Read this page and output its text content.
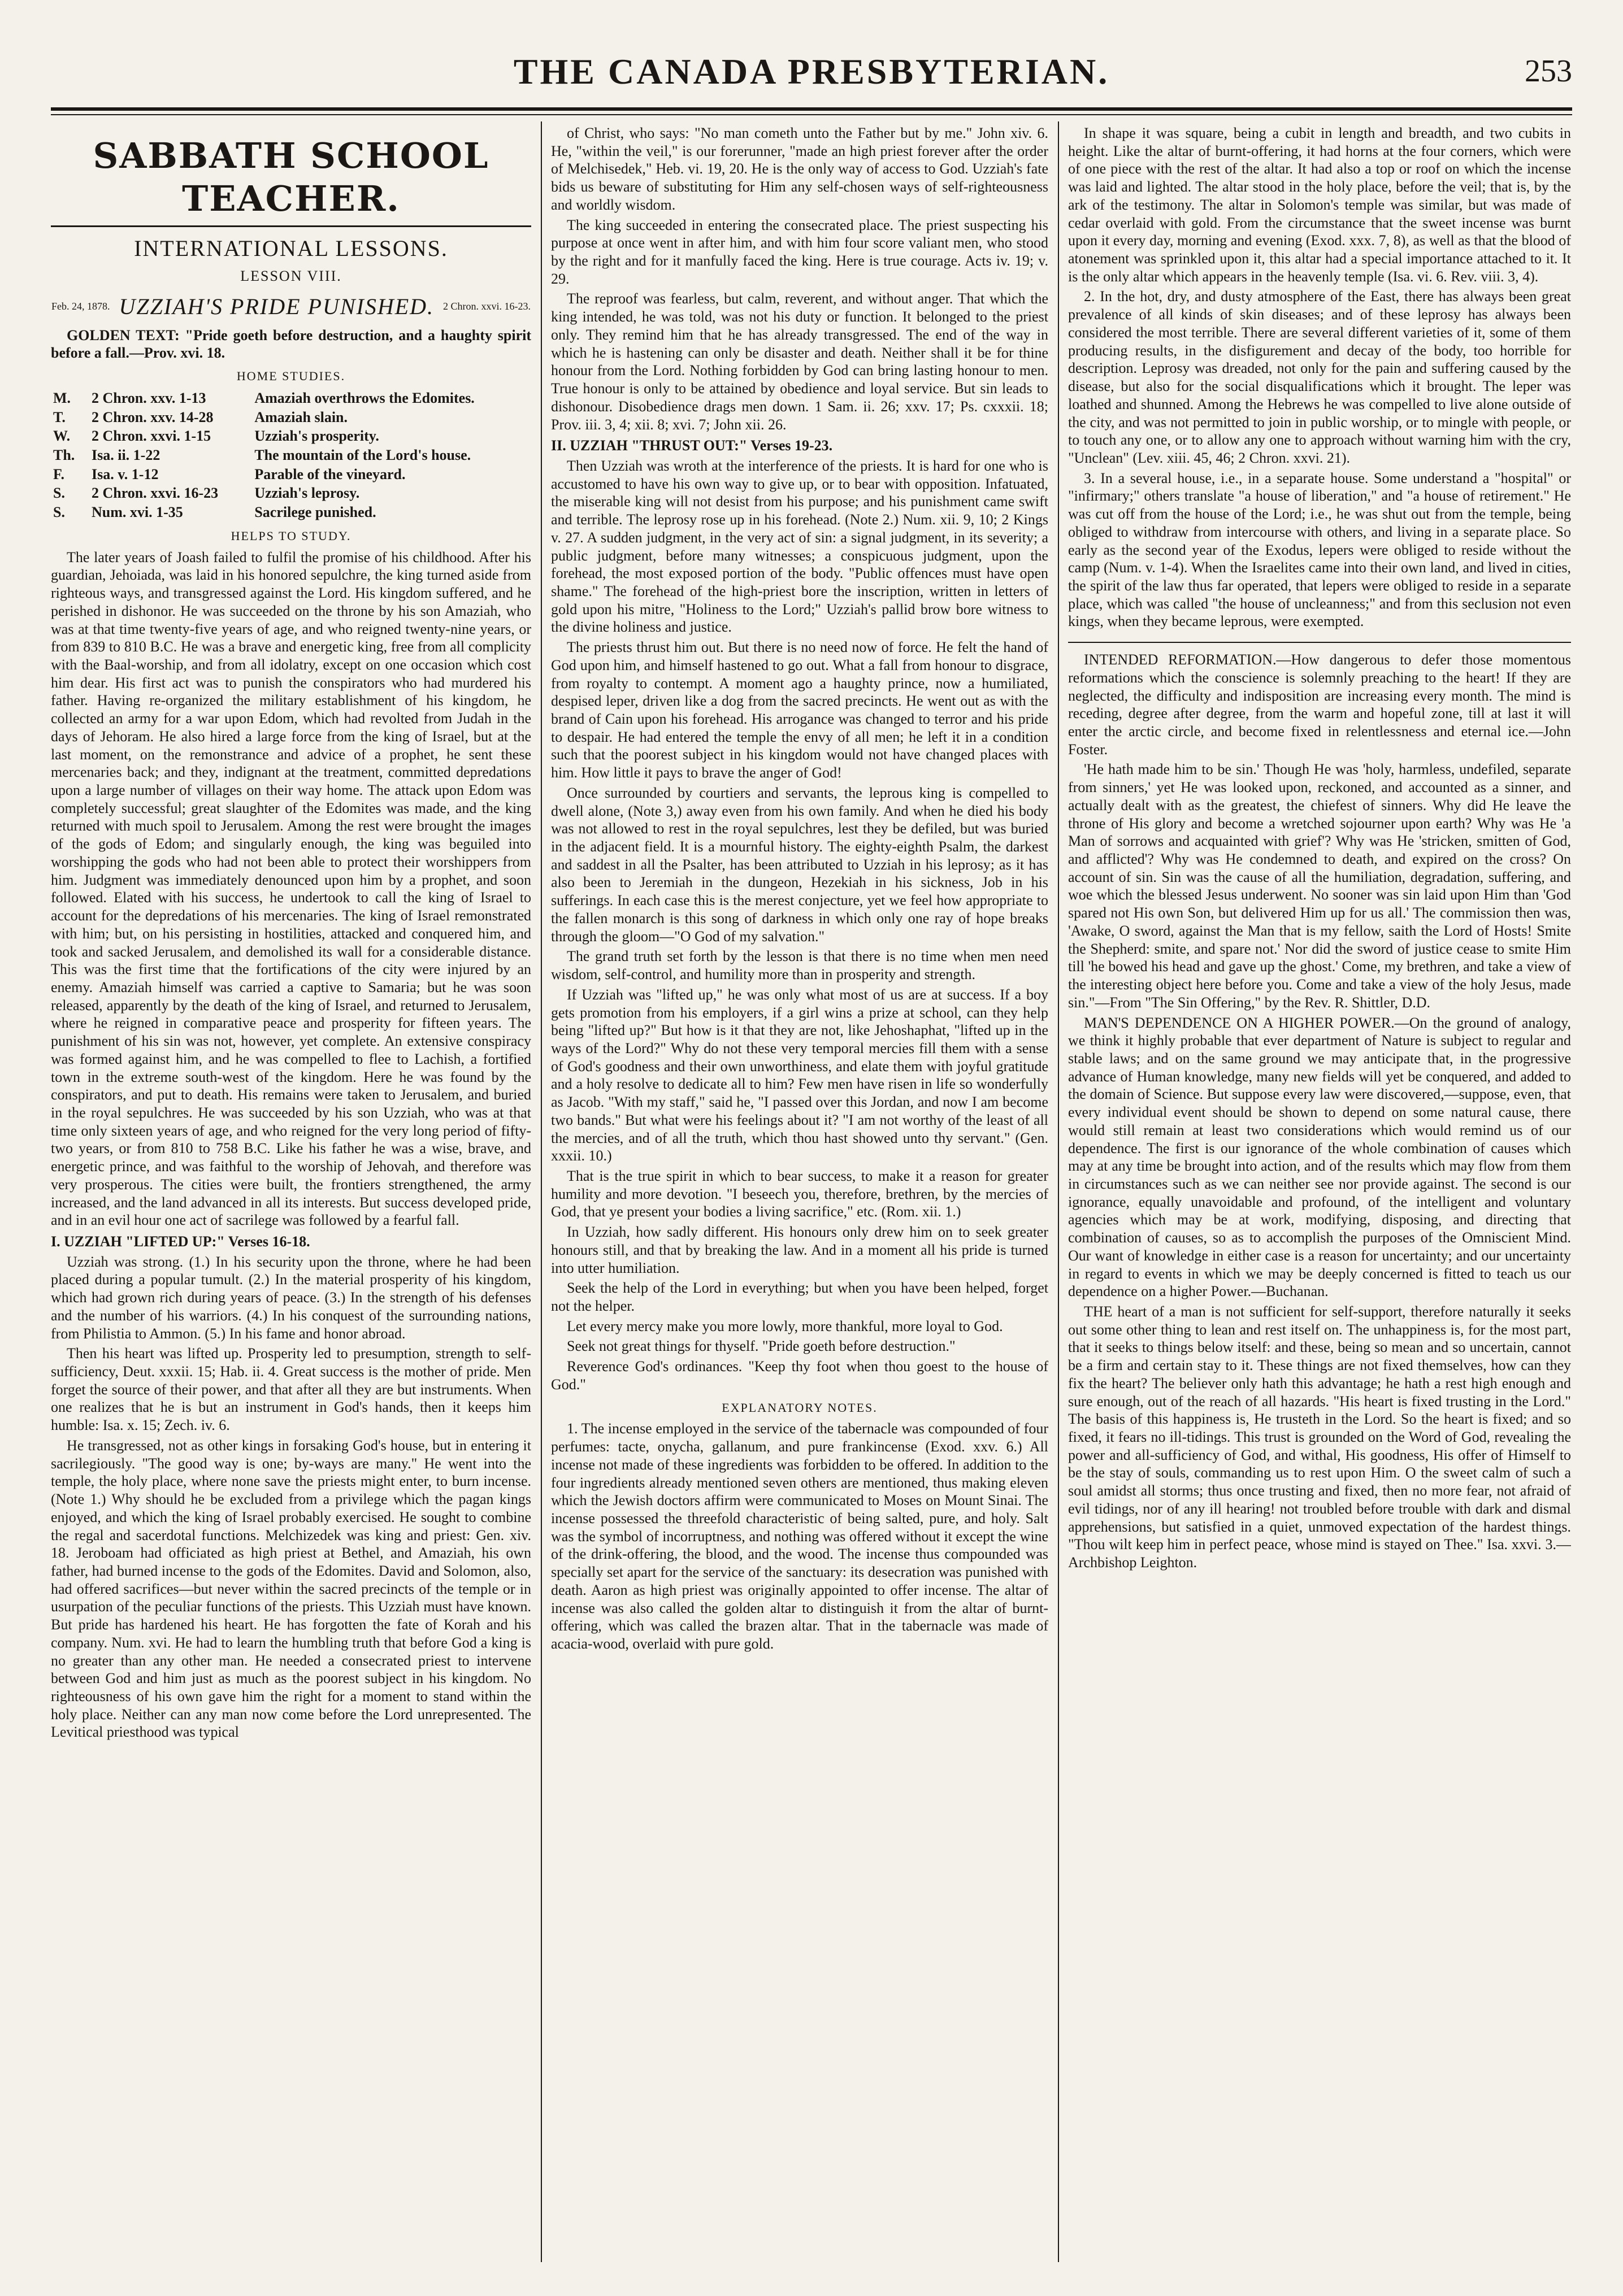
THE CANADA PRESBYTERIAN.	253
SABBATH SCHOOL TEACHER.
INTERNATIONAL LESSONS.
LESSON VIII.
Feb. 24, 1878. UZZIAH'S PRIDE PUNISHED. 2 Chron. xxvi. 16-23.

GOLDEN TEXT: "Pride goeth before destruction, and a haughty spirit before a fall.—Prov. xvi. 18.

HOME STUDIES.
M.	2 Chron. xxv. 1-13	Amaziah overthrows the Edomites.
T.	2 Chron. xxv. 14-28	Amaziah slain.
W.	2 Chron. xxvi. 1-15	Uzziah's prosperity.
Th.	Isa. ii. 1-22	The mountain of the Lord's house.
F.	Isa. v. 1-12	Parable of the vineyard.
S.	2 Chron. xxvi. 16-23	Uzziah's leprosy.
S.	Num. xvi. 1-35	Sacrilege punished.
HELPS TO STUDY.

The later years of Joash failed to fulfil the promise of his childhood. After his guardian, Jehoiada, was laid in his honored sepulchre, the king turned aside from righteous ways, and transgressed against the Lord. His kingdom suffered, and he perished in dishonor. He was succeeded on the throne by his son Amaziah, who was at that time twenty-five years of age, and who reigned twenty-nine years, or from 839 to 810 B.C. He was a brave and energetic king, free from all complicity with the Baal-worship, and from all idolatry, except on one occasion which cost him dear. His first act was to punish the conspirators who had murdered his father. Having re-organized the military establishment of his kingdom, he collected an army for a war upon Edom, which had revolted from Judah in the days of Jehoram. He also hired a large force from the king of Israel, but at the last moment, on the remonstrance and advice of a prophet, he sent these mercenaries back; and they, indignant at the treatment, committed depredations upon a large number of villages on their way home. The attack upon Edom was completely successful; great slaughter of the Edomites was made, and the king returned with much spoil to Jerusalem. Among the rest were brought the images of the gods of Edom; and singularly enough, the king was beguiled into worshipping the gods who had not been able to protect their worshippers from him. Judgment was immediately denounced upon him by a prophet, and soon followed. Elated with his success, he undertook to call the king of Israel to account for the depredations of his mercenaries. The king of Israel remonstrated with him; but, on his persisting in hostilities, attacked and conquered him, and took and sacked Jerusalem, and demolished its wall for a considerable distance. This was the first time that the fortifications of the city were injured by an enemy. Amaziah himself was carried a captive to Samaria; but he was soon released, apparently by the death of the king of Israel, and returned to Jerusalem, where he reigned in comparative peace and prosperity for fifteen years. The punishment of his sin was not, however, yet complete. An extensive conspiracy was formed against him, and he was compelled to flee to Lachish, a fortified town in the extreme south-west of the kingdom. Here he was found by the conspirators, and put to death. His remains were taken to Jerusalem, and buried in the royal sepulchres. He was succeeded by his son Uzziah, who was at that time only sixteen years of age, and who reigned for the very long period of fifty-two years, or from 810 to 758 B.C. Like his father he was a wise, brave, and energetic prince, and was faithful to the worship of Jehovah, and therefore was very prosperous. The cities were built, the frontiers strengthened, the army increased, and the land advanced in all its interests. But success developed pride, and in an evil hour one act of sacrilege was followed by a fearful fall.

I. UZZIAH "LIFTED UP:" Verses 16-18.

Uzziah was strong. (1.) In his security upon the throne, where he had been placed during a popular tumult. (2.) In the material prosperity of his kingdom, which had grown rich during years of peace. (3.) In the strength of his defenses and the number of his warriors. (4.) In his conquest of the surrounding nations, from Philistia to Ammon. (5.) In his fame and honor abroad.

Then his heart was lifted up. Prosperity led to presumption, strength to self-sufficiency, Deut. xxxii. 15; Hab. ii. 4. Great success is the mother of pride. Men forget the source of their power, and that after all they are but instruments. When one realizes that he is but an instrument in God's hands, then it keeps him humble: Isa. x. 15; Zech. iv. 6.

He transgressed, not as other kings in forsaking God's house, but in entering it sacrilegiously. "The good way is one; by-ways are many." He went into the temple, the holy place, where none save the priests might enter, to burn incense. (Note 1.) Why should he be excluded from a privilege which the pagan kings enjoyed, and which the king of Israel probably exercised. He sought to combine the regal and sacerdotal functions. Melchizedek was king and priest: Gen. xiv. 18. Jeroboam had officiated as high priest at Bethel, and Amaziah, his own father, had burned incense to the gods of the Edomites. David and Solomon, also, had offered sacrifices—but never within the sacred precincts of the temple or in usurpation of the peculiar functions of the priests. This Uzziah must have known. But pride has hardened his heart. He has forgotten the fate of Korah and his company. Num. xvi. He had to learn the humbling truth that before God a king is no greater than any other man. He needed a consecrated priest to intervene between God and him just as much as the poorest subject in his kingdom. No righteousness of his own gave him the right for a moment to stand within the holy place. Neither can any man now come before the Lord unrepresented. The Levitical priesthood was typical

of Christ, who says: "No man cometh unto the Father but by me." John xiv. 6. He, "within the veil," is our forerunner, "made an high priest forever after the order of Melchisedek," Heb. vi. 19, 20. He is the only way of access to God. Uzziah's fate bids us beware of substituting for Him any self-chosen ways of self-righteousness and worldly wisdom.

The king succeeded in entering the consecrated place. The priest suspecting his purpose at once went in after him, and with him four score valiant men, who stood by the right and for it manfully faced the king. Here is true courage. Acts iv. 19; v. 29.

The reproof was fearless, but calm, reverent, and without anger. That which the king intended, he was told, was not his duty or function. It belonged to the priest only. They remind him that he has already transgressed. The end of the way in which he is hastening can only be disaster and death. Neither shall it be for thine honour from the Lord. Nothing forbidden by God can bring lasting honour to men. True honour is only to be attained by obedience and loyal service. But sin leads to dishonour. Disobedience drags men down. 1 Sam. ii. 26; xxv. 17; Ps. cxxxii. 18; Prov. iii. 3, 4; xii. 8; xvi. 7; John xii. 26.

II. UZZIAH "THRUST OUT:" Verses 19-23.

Then Uzziah was wroth at the interference of the priests. It is hard for one who is accustomed to have his own way to give up, or to bear with opposition. Infatuated, the miserable king will not desist from his purpose; and his punishment came swift and terrible. The leprosy rose up in his forehead. (Note 2.) Num. xii. 9, 10; 2 Kings v. 27. A sudden judgment, in the very act of sin: a signal judgment, in its severity; a public judgment, before many witnesses; a conspicuous judgment, upon the forehead, the most exposed portion of the body. "Public offences must have open shame." The forehead of the high-priest bore the inscription, written in letters of gold upon his mitre, "Holiness to the Lord;" Uzziah's pallid brow bore witness to the divine holiness and justice.

The priests thrust him out. But there is no need now of force. He felt the hand of God upon him, and himself hastened to go out. What a fall from honour to disgrace, from royalty to contempt. A moment ago a haughty prince, now a humiliated, despised leper, driven like a dog from the sacred precincts. He went out as with the brand of Cain upon his forehead. His arrogance was changed to terror and his pride to despair. He had entered the temple the envy of all men; he left it in a condition such that the poorest subject in his kingdom would not have changed places with him. How little it pays to brave the anger of God!

Once surrounded by courtiers and servants, the leprous king is compelled to dwell alone, (Note 3,) away even from his own family. And when he died his body was not allowed to rest in the royal sepulchres, lest they be defiled, but was buried in the adjacent field. It is a mournful history. The eighty-eighth Psalm, the darkest and saddest in all the Psalter, has been attributed to Uzziah in his leprosy; as it has also been to Jeremiah in the dungeon, Hezekiah in his sickness, Job in his sufferings. In each case this is the merest conjecture, yet we feel how appropriate to the fallen monarch is this song of darkness in which only one ray of hope breaks through the gloom—"O God of my salvation."

The grand truth set forth by the lesson is that there is no time when men need wisdom, self-control, and humility more than in prosperity and strength.

If Uzziah was "lifted up," he was only what most of us are at success. If a boy gets promotion from his employers, if a girl wins a prize at school, can they help being "lifted up?" But how is it that they are not, like Jehoshaphat, "lifted up in the ways of the Lord?" Why do not these very temporal mercies fill them with a sense of God's goodness and their own unworthiness, and elate them with joyful gratitude and a holy resolve to dedicate all to him? Few men have risen in life so wonderfully as Jacob. "With my staff," said he, "I passed over this Jordan, and now I am become two bands." But what were his feelings about it? "I am not worthy of the least of all the mercies, and of all the truth, which thou hast showed unto thy servant." (Gen. xxxii. 10.)

That is the true spirit in which to bear success, to make it a reason for greater humility and more devotion. "I beseech you, therefore, brethren, by the mercies of God, that ye present your bodies a living sacrifice," etc. (Rom. xii. 1.)

In Uzziah, how sadly different. His honours only drew him on to seek greater honours still, and that by breaking the law. And in a moment all his pride is turned into utter humiliation.

Seek the help of the Lord in everything; but when you have been helped, forget not the helper.

Let every mercy make you more lowly, more thankful, more loyal to God.

Seek not great things for thyself. "Pride goeth before destruction."

Reverence God's ordinances. "Keep thy foot when thou goest to the house of God."

EXPLANATORY NOTES.

1. The incense employed in the service of the tabernacle was compounded of four perfumes: tacte, onycha, gallanum, and pure frankincense (Exod. xxv. 6.) All incense not made of these ingredients was forbidden to be offered. In addition to the four ingredients already mentioned seven others are mentioned, thus making eleven which the Jewish doctors affirm were communicated to Moses on Mount Sinai. The incense possessed the threefold characteristic of being salted, pure, and holy. Salt was the symbol of incorruptness, and nothing was offered without it except the wine of the drink-offering, the blood, and the wood. The incense thus compounded was specially set apart for the service of the sanctuary: its desecration was punished with death. Aaron as high priest was originally appointed to offer incense. The altar of incense was also called the golden altar to distinguish it from the altar of burnt-offering, which was called the brazen altar. That in the tabernacle was made of acacia-wood, overlaid with pure gold.

In shape it was square, being a cubit in length and breadth, and two cubits in height. Like the altar of burnt-offering, it had horns at the four corners, which were of one piece with the rest of the altar. It had also a top or roof on which the incense was laid and lighted. The altar stood in the holy place, before the veil; that is, by the ark of the testimony. The altar in Solomon's temple was similar, but was made of cedar overlaid with gold. From the circumstance that the sweet incense was burnt upon it every day, morning and evening (Exod. xxx. 7, 8), as well as that the blood of atonement was sprinkled upon it, this altar had a special importance attached to it. It is the only altar which appears in the heavenly temple (Isa. vi. 6. Rev. viii. 3, 4).

2. In the hot, dry, and dusty atmosphere of the East, there has always been great prevalence of all kinds of skin diseases; and of these leprosy has always been considered the most terrible. There are several different varieties of it, some of them producing results, in the disfigurement and decay of the body, too horrible for description. Leprosy was dreaded, not only for the pain and suffering caused by the disease, but also for the social disqualifications which it brought. The leper was loathed and shunned. Among the Hebrews he was compelled to live alone outside of the city, and was not permitted to join in public worship, or to mingle with people, or to touch any one, or to allow any one to approach without warning him with the cry, "Unclean" (Lev. xiii. 45, 46; 2 Chron. xxvi. 21).

3. In a several house, i.e., in a separate house. Some understand a "hospital" or "infirmary;" others translate "a house of liberation," and "a house of retirement." He was cut off from the house of the Lord; i.e., he was shut out from the temple, being obliged to withdraw from intercourse with others, and living in a separate place. So early as the second year of the Exodus, lepers were obliged to reside without the camp (Num. v. 1-4). When the Israelites came into their own land, and lived in cities, the spirit of the law thus far operated, that lepers were obliged to reside in a separate place, which was called "the house of uncleanness;" and from this seclusion not even kings, when they became leprous, were exempted.

INTENDED REFORMATION.—How dangerous to defer those momentous reformations which the conscience is solemnly preaching to the heart! If they are neglected, the difficulty and indisposition are increasing every month. The mind is receding, degree after degree, from the warm and hopeful zone, till at last it will enter the arctic circle, and become fixed in relentlessness and eternal ice.—John Foster.

'He hath made him to be sin.' Though He was 'holy, harmless, undefiled, separate from sinners,' yet He was looked upon, reckoned, and accounted as a sinner, and actually dealt with as the greatest, the chiefest of sinners. Why did He leave the throne of His glory and become a wretched sojourner upon earth? Why was He 'a Man of sorrows and acquainted with grief'? Why was He 'stricken, smitten of God, and afflicted'? Why was He condemned to death, and expired on the cross? On account of sin. Sin was the cause of all the humiliation, degradation, suffering, and woe which the blessed Jesus underwent. No sooner was sin laid upon Him than 'God spared not His own Son, but delivered Him up for us all.' The commission then was, 'Awake, O sword, against the Man that is my fellow, saith the Lord of Hosts! Smite the Shepherd: smite, and spare not.' Nor did the sword of justice cease to smite Him till 'he bowed his head and gave up the ghost.' Come, my brethren, and take a view of the interesting object here before you. Come and take a view of the holy Jesus, made sin."—From "The Sin Offering," by the Rev. R. Shittler, D.D.

MAN'S DEPENDENCE ON A HIGHER POWER.—On the ground of analogy, we think it highly probable that ever department of Nature is subject to regular and stable laws; and on the same ground we may anticipate that, in the progressive advance of Human knowledge, many new fields will yet be conquered, and added to the domain of Science. But suppose every law were discovered,—suppose, even, that every individual event should be shown to depend on some natural cause, there would still remain at least two considerations which would remind us of our dependence. The first is our ignorance of the whole combination of causes which may at any time be brought into action, and of the results which may flow from them in circumstances such as we can neither see nor provide against. The second is our ignorance, equally unavoidable and profound, of the intelligent and voluntary agencies which may be at work, modifying, disposing, and directing that combination of causes, so as to accomplish the purposes of the Omniscient Mind. Our want of knowledge in either case is a reason for uncertainty; and our uncertainty in regard to events in which we may be deeply concerned is fitted to teach us our dependence on a higher Power.—Buchanan.

THE heart of a man is not sufficient for self-support, therefore naturally it seeks out some other thing to lean and rest itself on. The unhappiness is, for the most part, that it seeks to things below itself: and these, being so mean and so uncertain, cannot be a firm and certain stay to it. These things are not fixed themselves, how can they fix the heart? The believer only hath this advantage; he hath a rest high enough and sure enough, out of the reach of all hazards. "His heart is fixed trusting in the Lord." The basis of this happiness is, He trusteth in the Lord. So the heart is fixed; and so fixed, it fears no ill-tidings. This trust is grounded on the Word of God, revealing the power and all-sufficiency of God, and withal, His goodness, His offer of Himself to be the stay of souls, commanding us to rest upon Him. O the sweet calm of such a soul amidst all storms; thus once trusting and fixed, then no more fear, not afraid of evil tidings, nor of any ill hearing! not troubled before trouble with dark and dismal apprehensions, but satisfied in a quiet, unmoved expectation of the hardest things. "Thou wilt keep him in perfect peace, whose mind is stayed on Thee." Isa. xxvi. 3.—Archbishop Leighton.
